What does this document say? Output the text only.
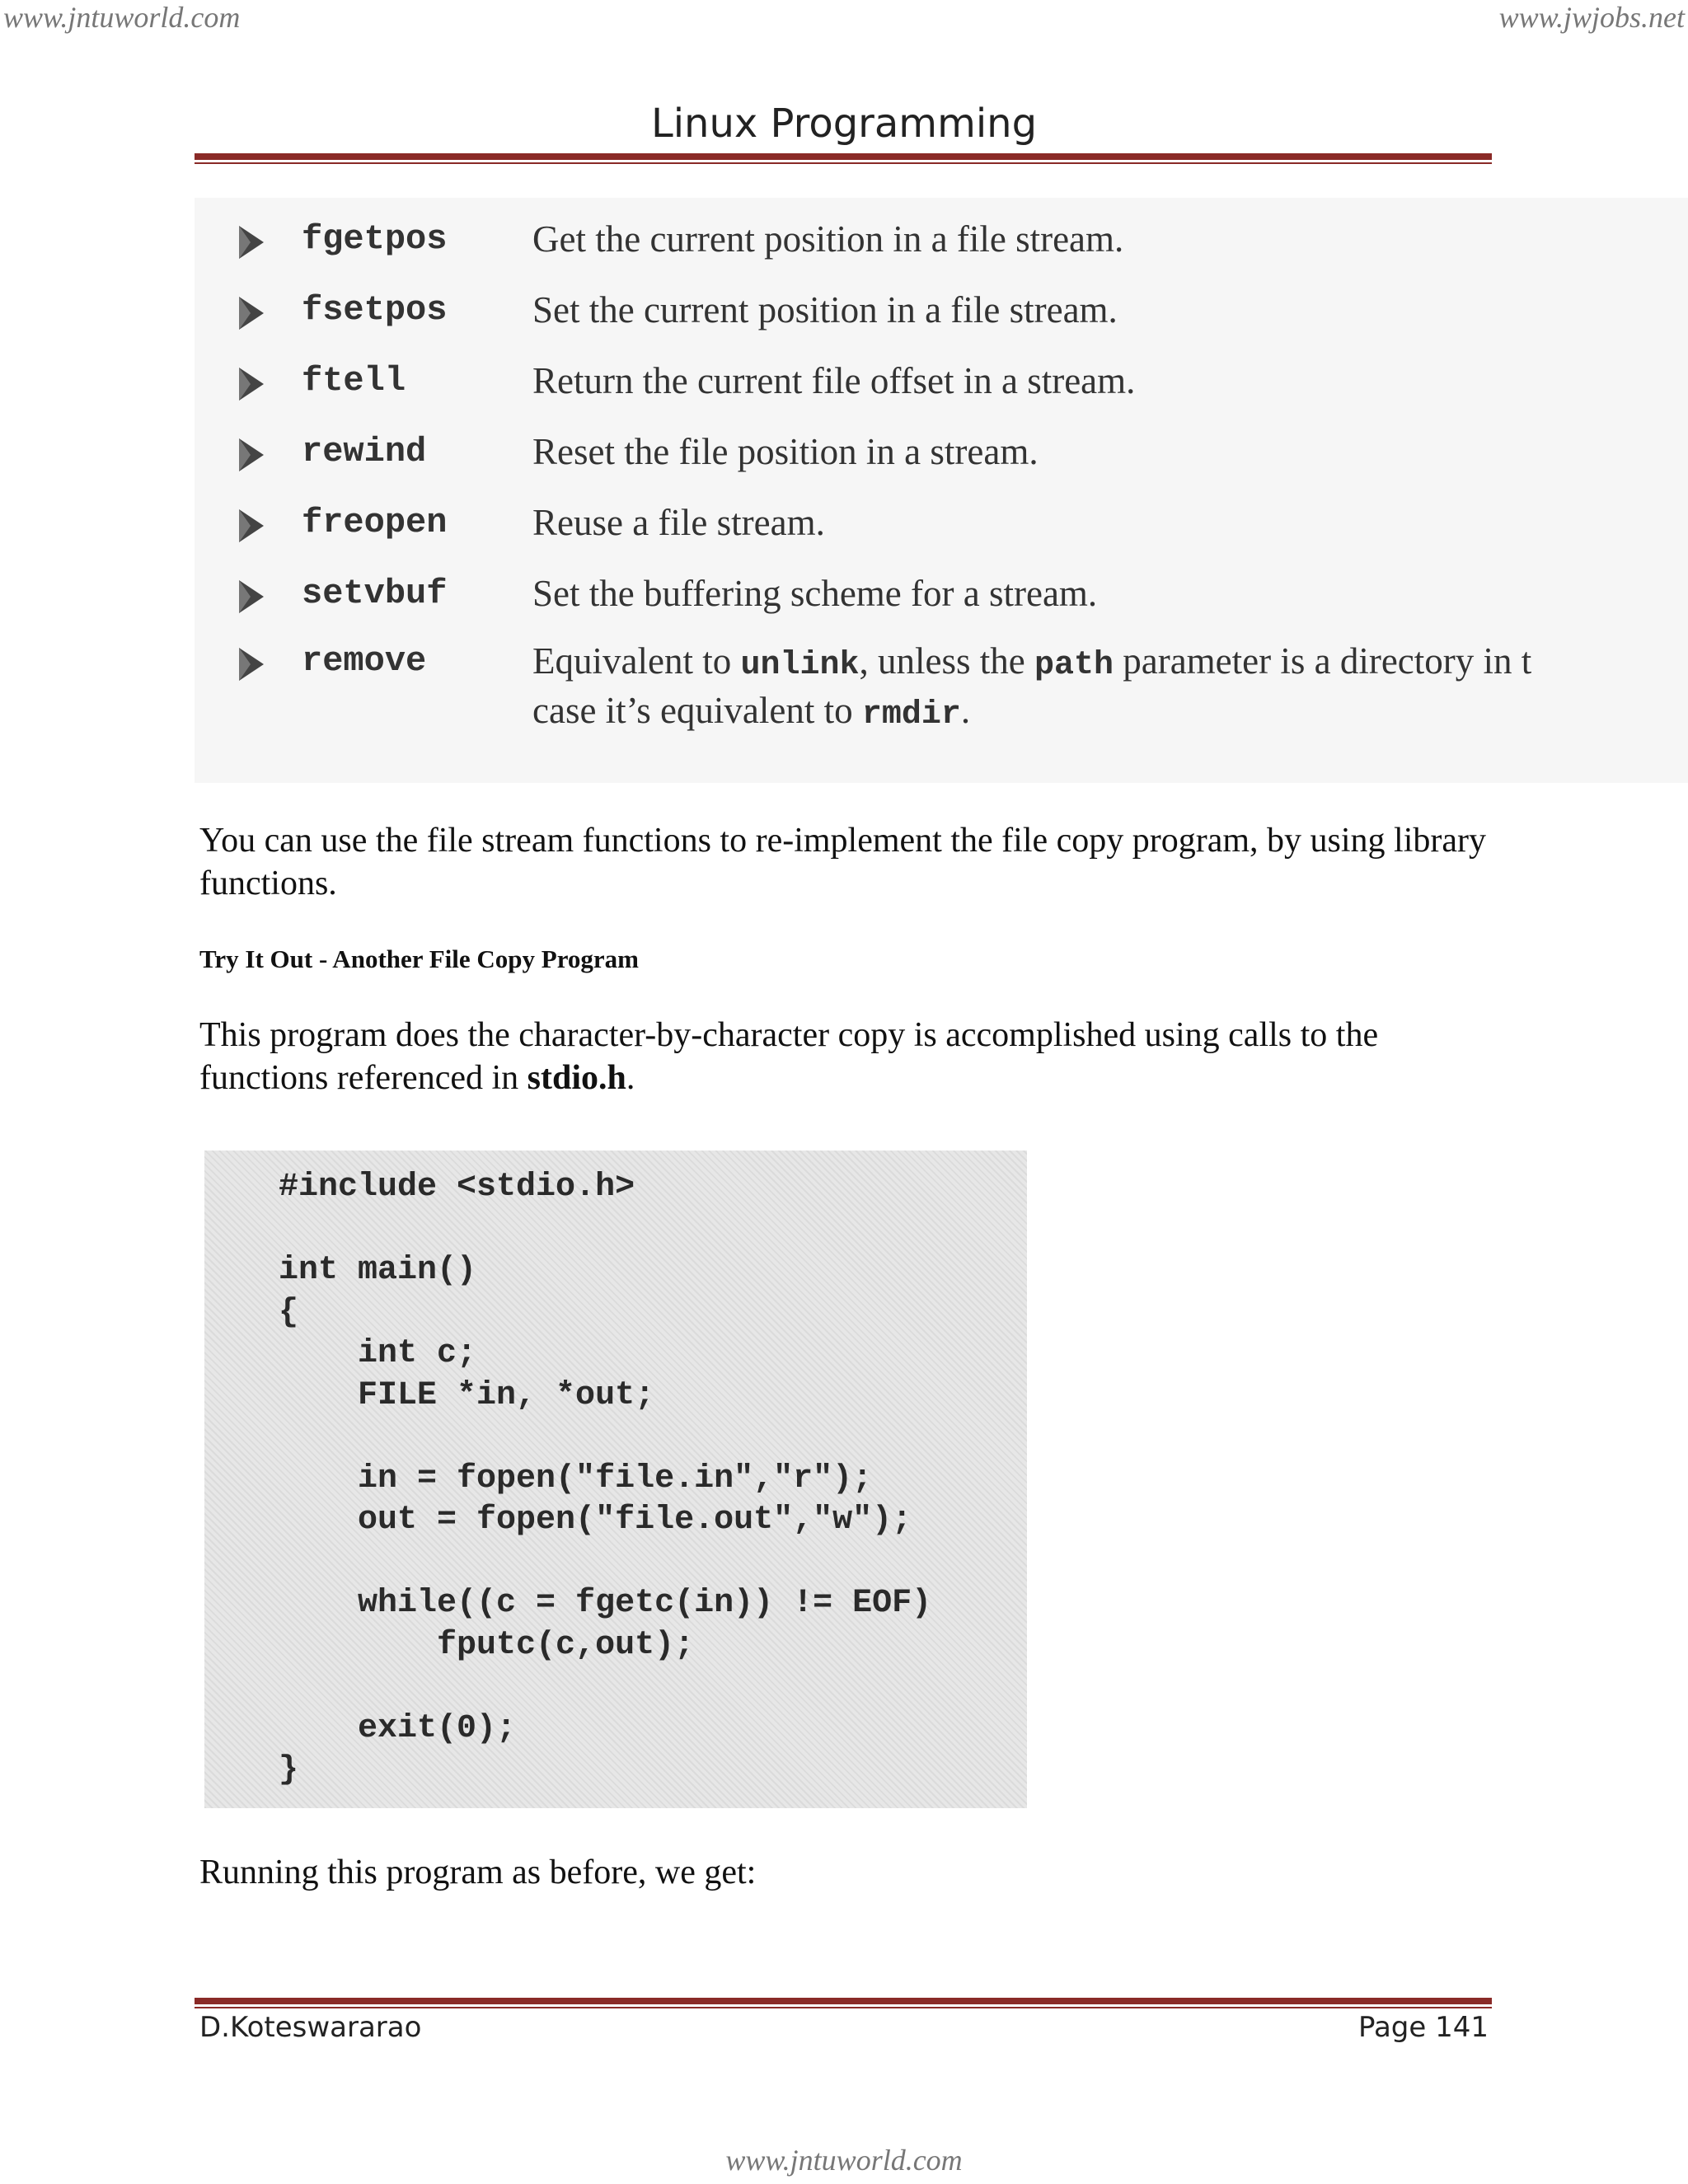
www.jntuworld.com	www.jwjobs.net
Linux Programming
fgetpos Get the current position in a file stream.
fsetpos Set the current position in a file stream.
ftell	Return the current file offset in a stream.
rewind	Reset the file position in a stream.
freopen Reuse a file stream.
setvbuf Set the buffering scheme for a stream.
remove	Equivalent to unlink, unless the path parameter is a directory in t
case it’s equivalent to rmdir.
You can use the file stream functions to re-implement the file copy program, by using library functions.
Try It Out - Another File Copy Program
This program does the character-by-character copy is accomplished using calls to the functions referenced in stdio.h.
#include <stdio.h>

int main()
{
int c;
FILE *in, *out;

in = fopen("file.in","r");
out = fopen("file.out","w");

while((c = fgetc(in)) != EOF)
fputc(c,out);

exit(0);
}
Running this program as before, we get:
D.Koteswararao	Page 141
www.jntuworld.com
